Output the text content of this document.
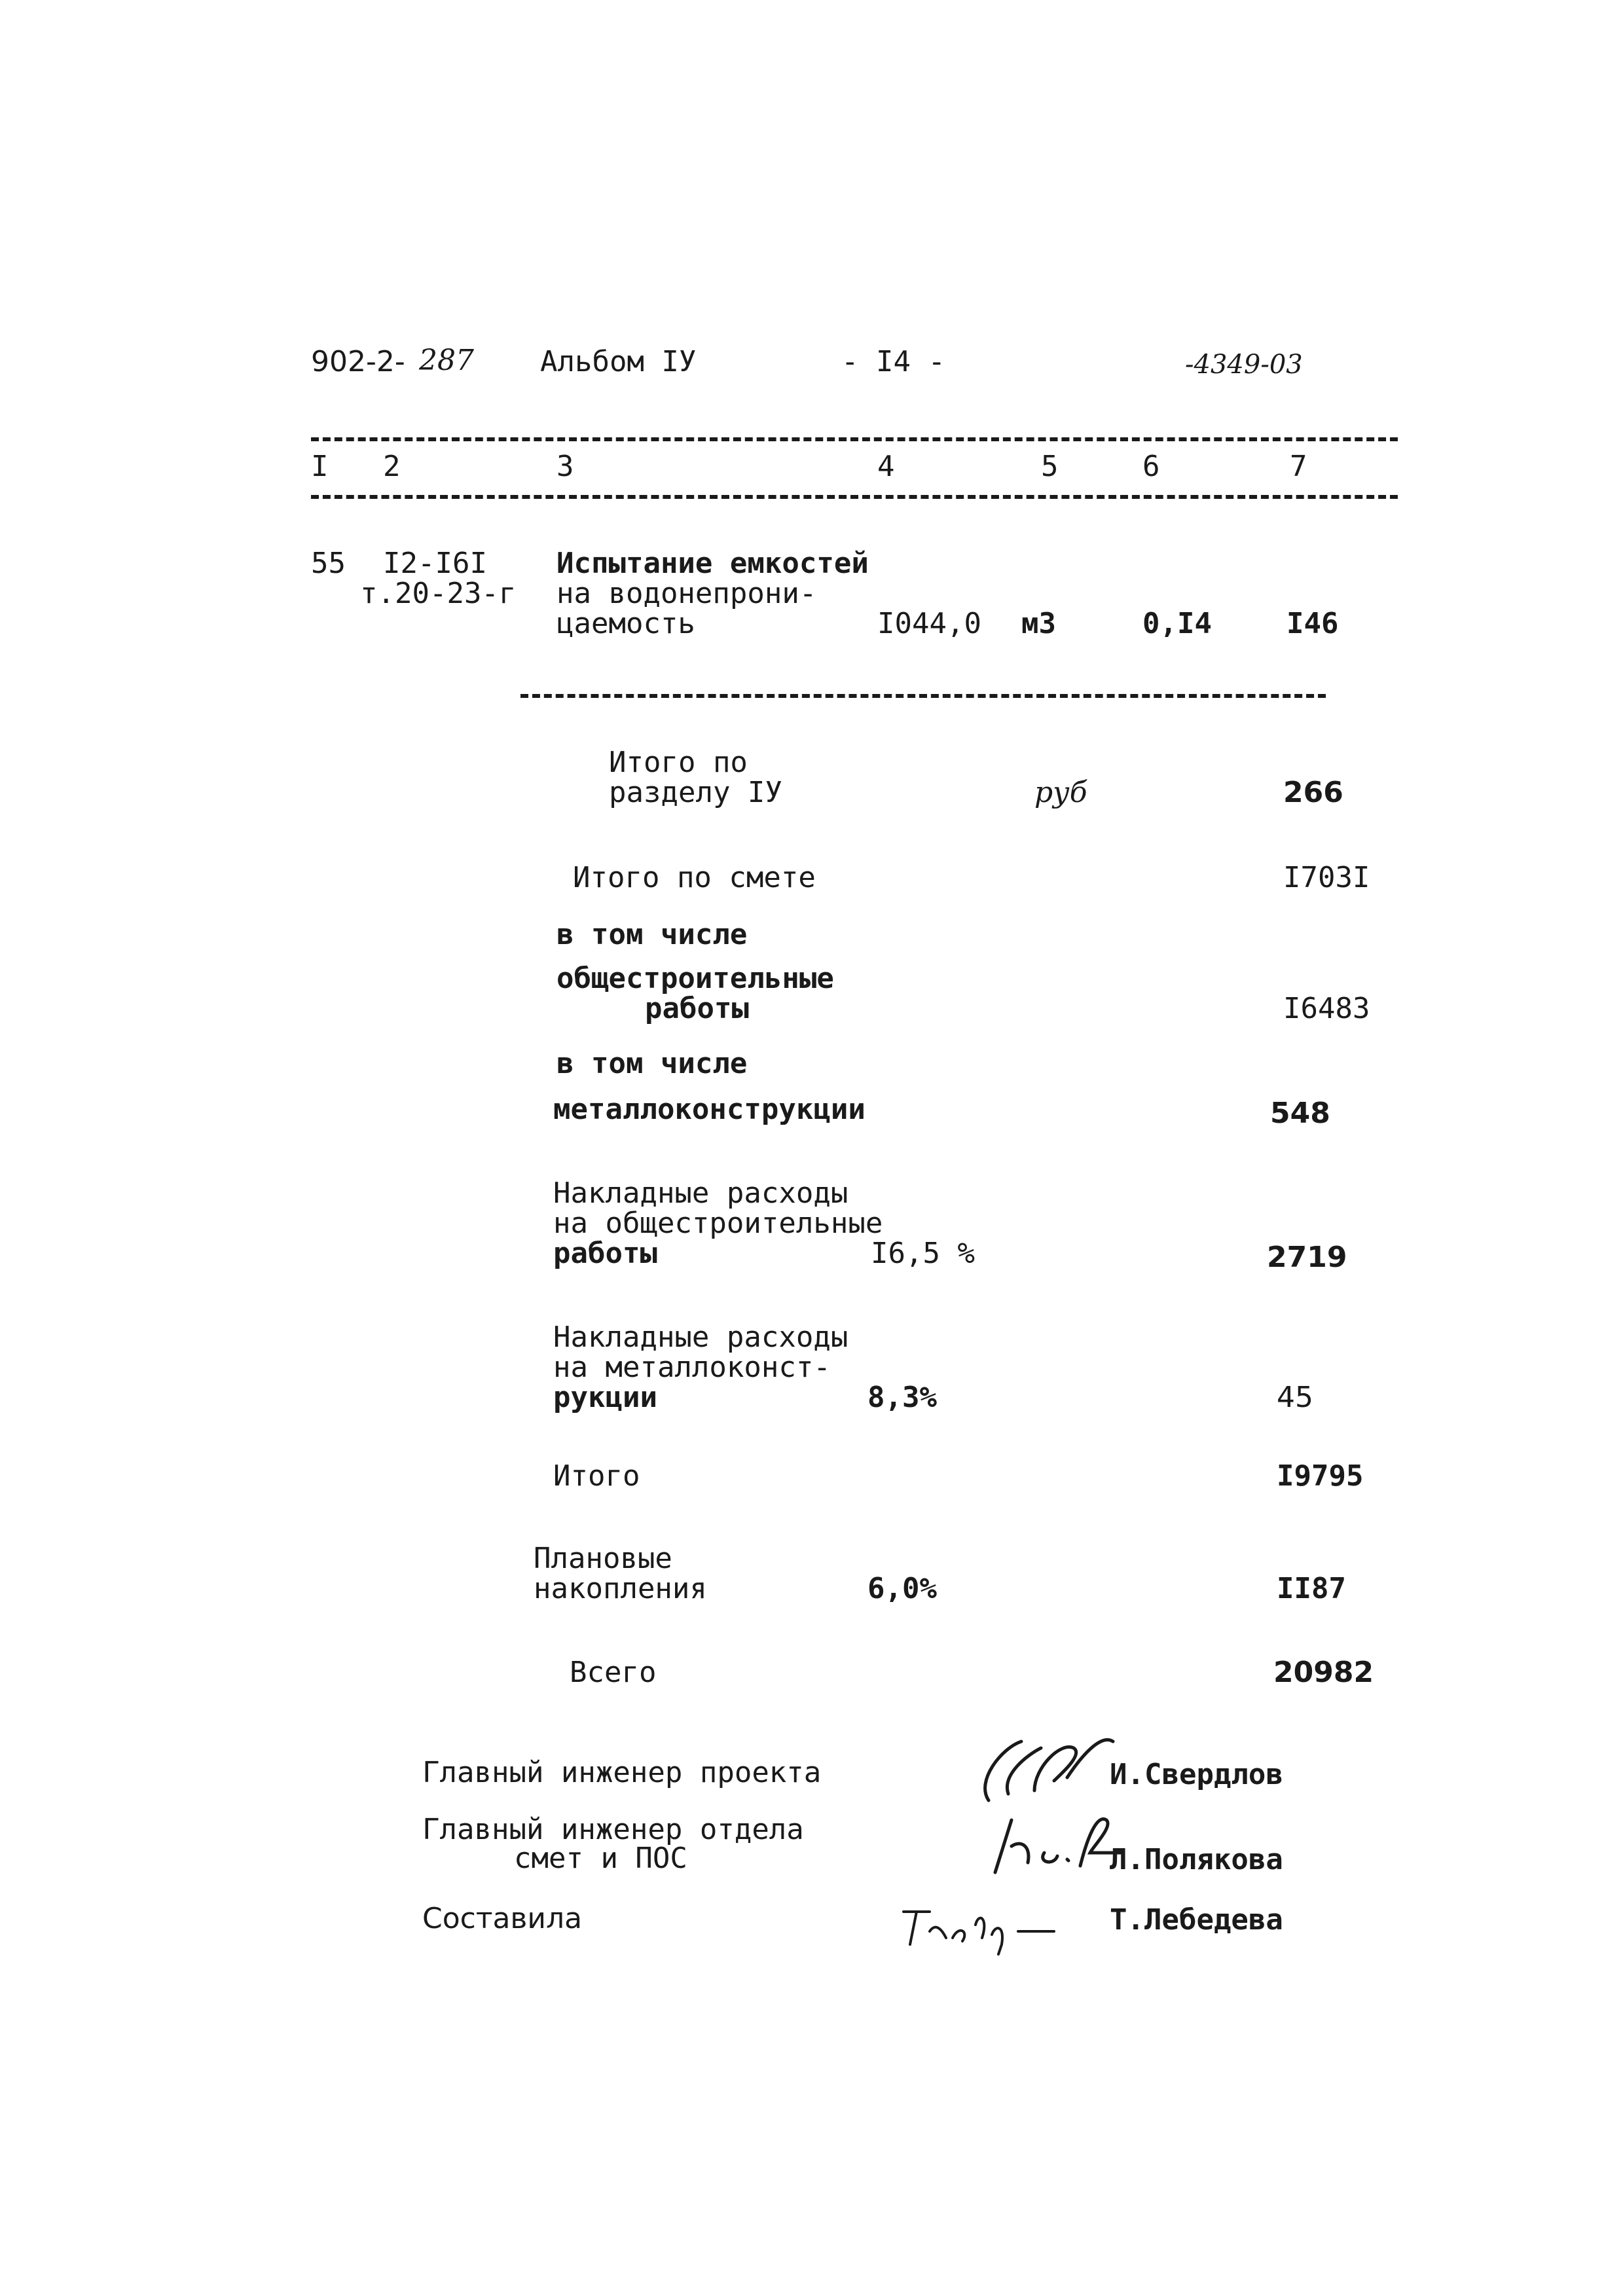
902-2- 287 Альбом IУ	- I4 -	-4349-03
I 2	3	4	5	6	7
55 I2-I6I
т.20-23-г
Испытание емкостей
на водонепрони-
цаемость	I044,0 м3	0,I4	I46
Итого по
разделу IУ	руб	266
Итого по смете	I703I
в том числе
общестроительные
работы	I6483
в том числе
металлоконструкции	548
Накладные расходы
на общестроительные
работы	I6,5 %	2719
Накладные расходы
на металлоконст-
рукции	8,3%	45
Итого	I9795
Плановые
накопления	6,0%	II87
Всего	20982
Главный инженер проекта	И.Свердлов
Главный инженер отдела
смет и ПОС	Л.Полякова
Составила	Т.Лебедева
